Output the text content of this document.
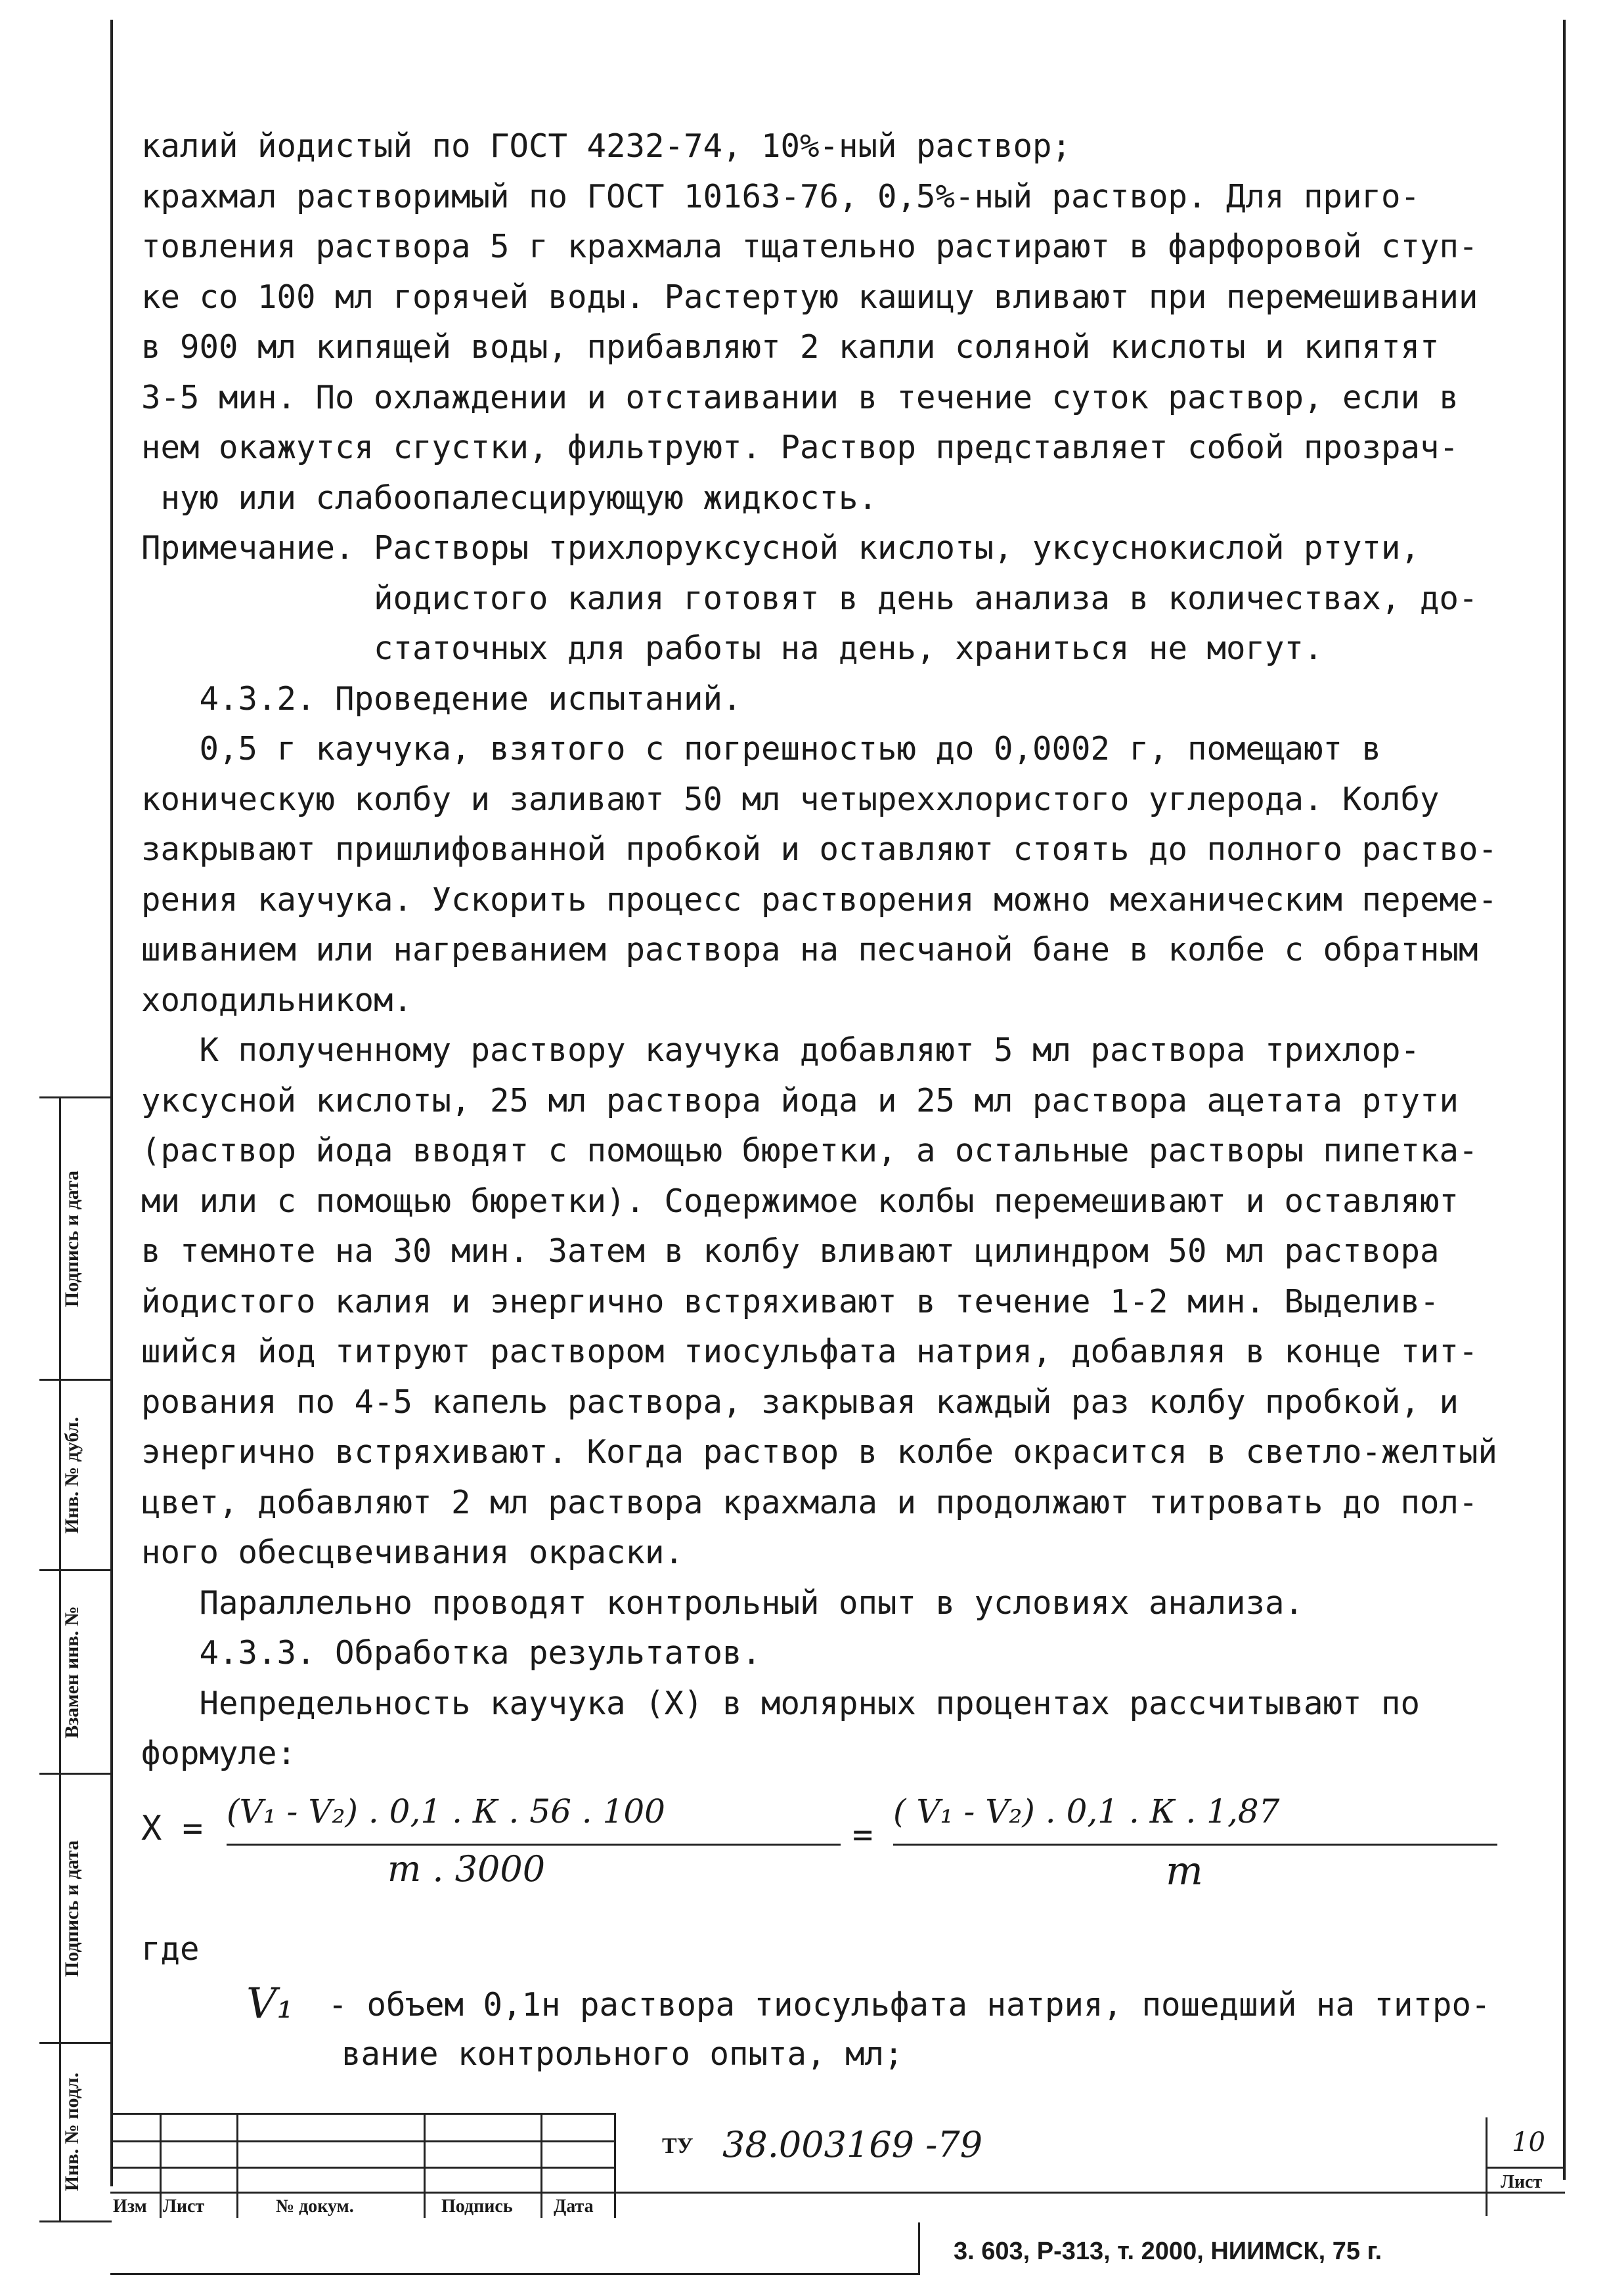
калий йодистый по ГОСТ 4232-74, 10%-ный раствор;
крахмал растворимый по ГОСТ 10163-76, 0,5%-ный раствор. Для приго-
товления раствора 5 г крахмала тщательно растирают в фарфоровой ступ-
ке со 100 мл горячей воды. Растертую кашицу вливают при перемешивании
в 900 мл кипящей воды, прибавляют 2 капли соляной кислоты и кипятят
3-5 мин. По охлаждении и отстаивании в течение суток раствор, если в
нем окажутся сгустки, фильтруют. Раствор представляет собой прозрач-
ную или слабоопалесцирующую жидкость.
Примечание. Растворы трихлоруксусной кислоты, уксуснокислой ртути,
йодистого калия готовят в день анализа в количествах, до-
статочных для работы на день, храниться не могут.
4.3.2. Проведение испытаний.
0,5 г каучука, взятого с погрешностью до 0,0002 г, помещают в
коническую колбу и заливают 50 мл четыреххлористого углерода. Колбу
закрывают пришлифованной пробкой и оставляют стоять до полного раство-
рения каучука. Ускорить процесс растворения можно механическим переме-
шиванием или нагреванием раствора на песчаной бане в колбе с обратным
холодильником.
К полученному раствору каучука добавляют 5 мл раствора трихлор-
уксусной кислоты, 25 мл раствора йода и 25 мл раствора ацетата ртути
(раствор йода вводят с помощью бюретки, а остальные растворы пипетка-
ми или с помощью бюретки). Содержимое колбы перемешивают и оставляют
в темноте на 30 мин. Затем в колбу вливают цилиндром 50 мл раствора
йодистого калия и энергично встряхивают в течение 1-2 мин. Выделив-
шийся йод титруют раствором тиосульфата натрия, добавляя в конце тит-
рования по 4-5 капель раствора, закрывая каждый раз колбу пробкой, и
энергично встряхивают. Когда раствор в колбе окрасится в светло-желтый
цвет, добавляют 2 мл раствора крахмала и продолжают титровать до пол-
ного обесцвечивания окраски.
Параллельно проводят контрольный опыт в условиях анализа.
4.3.3. Обработка результатов.
Непредельность каучука (Х) в молярных процентах рассчитывают по
формуле:
X = (V₁ - V₂) . 0,1 . К . 56 . 100
m . 3000
=
( V₁ - V₂) . 0,1 . К . 1,87
m
где
V₁ - объем 0,1н раствора тиосульфата натрия, пошедший на титро-
вание контрольного опыта, мл;
Подпись и дата
Инв. № дубл.
Взамен инв. №
Подпись и дата
Инв. № подл.
Изм Лист	№ докум.	Подпись Дата
ТУ 38.003169 -79	10
Лист
3. 603, Р-313, т. 2000, НИИМСК, 75 г.
